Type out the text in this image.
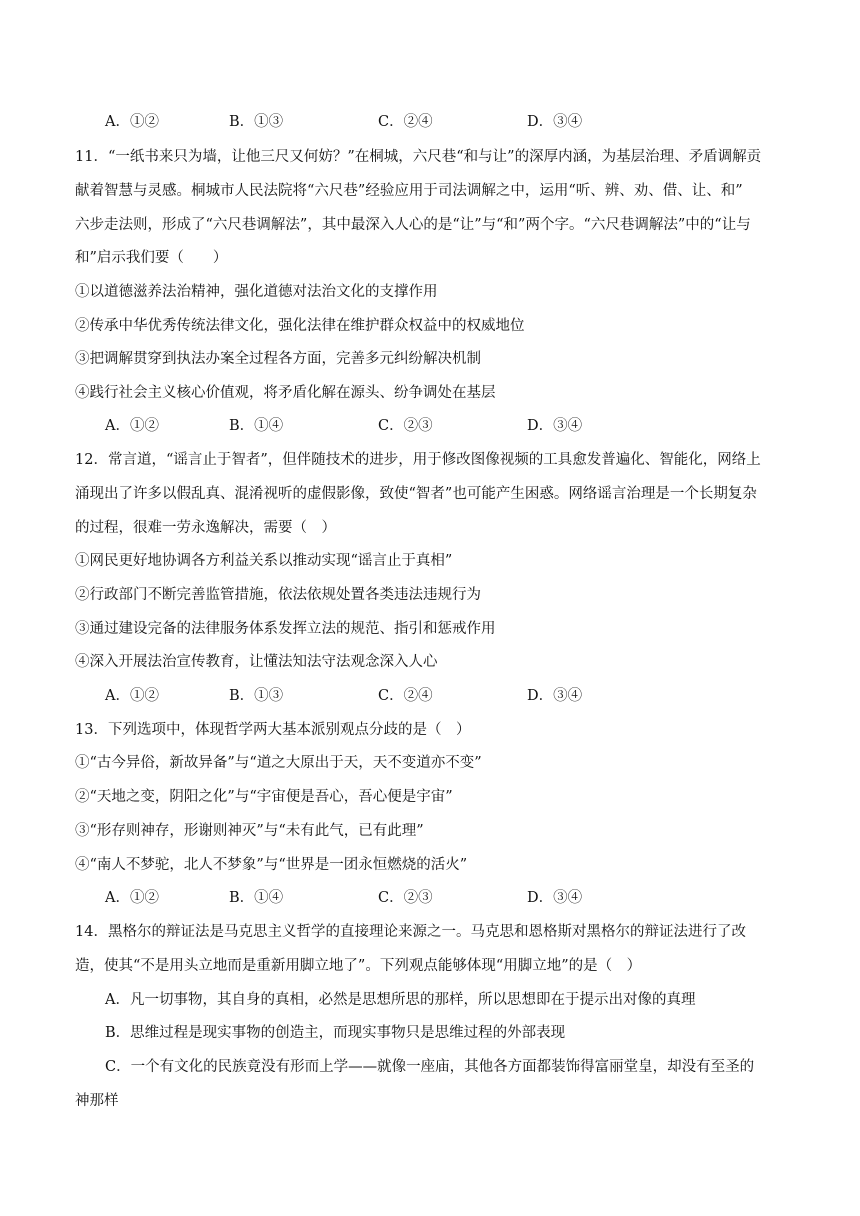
A．①②	B．①③	C．②④	D．③④
11．“一纸书来只为墙，让他三尺又何妨？”在桐城，六尺巷“和与让”的深厚内涵，为基层治理、矛盾调解贡
献着智慧与灵感。桐城市人民法院将“六尺巷”经验应用于司法调解之中，运用“听、辨、劝、借、让、和”
六步走法则，形成了“六尺巷调解法”，其中最深入人心的是“让”与“和”两个字。“六尺巷调解法”中的“让与
和”启示我们要（　　）
①以道德滋养法治精神，强化道德对法治文化的支撑作用
②传承中华优秀传统法律文化，强化法律在维护群众权益中的权威地位
③把调解贯穿到执法办案全过程各方面，完善多元纠纷解决机制
④践行社会主义核心价值观，将矛盾化解在源头、纷争调处在基层
A．①②	B．①④	C．②③	D．③④
12．常言道，“谣言止于智者”，但伴随技术的进步，用于修改图像视频的工具愈发普遍化、智能化，网络上
涌现出了许多以假乱真、混淆视听的虚假影像，致使“智者”也可能产生困惑。网络谣言治理是一个长期复杂
的过程，很难一劳永逸解决，需要（　）
①网民更好地协调各方利益关系以推动实现“谣言止于真相”
②行政部门不断完善监管措施，依法依规处置各类违法违规行为
③通过建设完备的法律服务体系发挥立法的规范、指引和惩戒作用
④深入开展法治宣传教育，让懂法知法守法观念深入人心
A．①②	B．①③	C．②④	D．③④
13．下列选项中，体现哲学两大基本派别观点分歧的是（　）
①“古今异俗，新故异备”与“道之大原出于天，天不变道亦不变”
②“天地之变，阴阳之化”与“宇宙便是吾心，吾心便是宇宙”
③“形存则神存，形谢则神灭”与“未有此气，已有此理”
④“南人不梦驼，北人不梦象”与“世界是一团永恒燃烧的活火”
A．①②	B．①④	C．②③	D．③④
14．黑格尔的辩证法是马克思主义哲学的直接理论来源之一。马克思和恩格斯对黑格尔的辩证法进行了改
造，使其“不是用头立地而是重新用脚立地了”。下列观点能够体现“用脚立地”的是（　）
A．凡一切事物，其自身的真相，必然是思想所思的那样，所以思想即在于提示出对像的真理
B．思维过程是现实事物的创造主，而现实事物只是思维过程的外部表现
C．一个有文化的民族竟没有形而上学——就像一座庙，其他各方面都装饰得富丽堂皇，却没有至圣的
神那样
